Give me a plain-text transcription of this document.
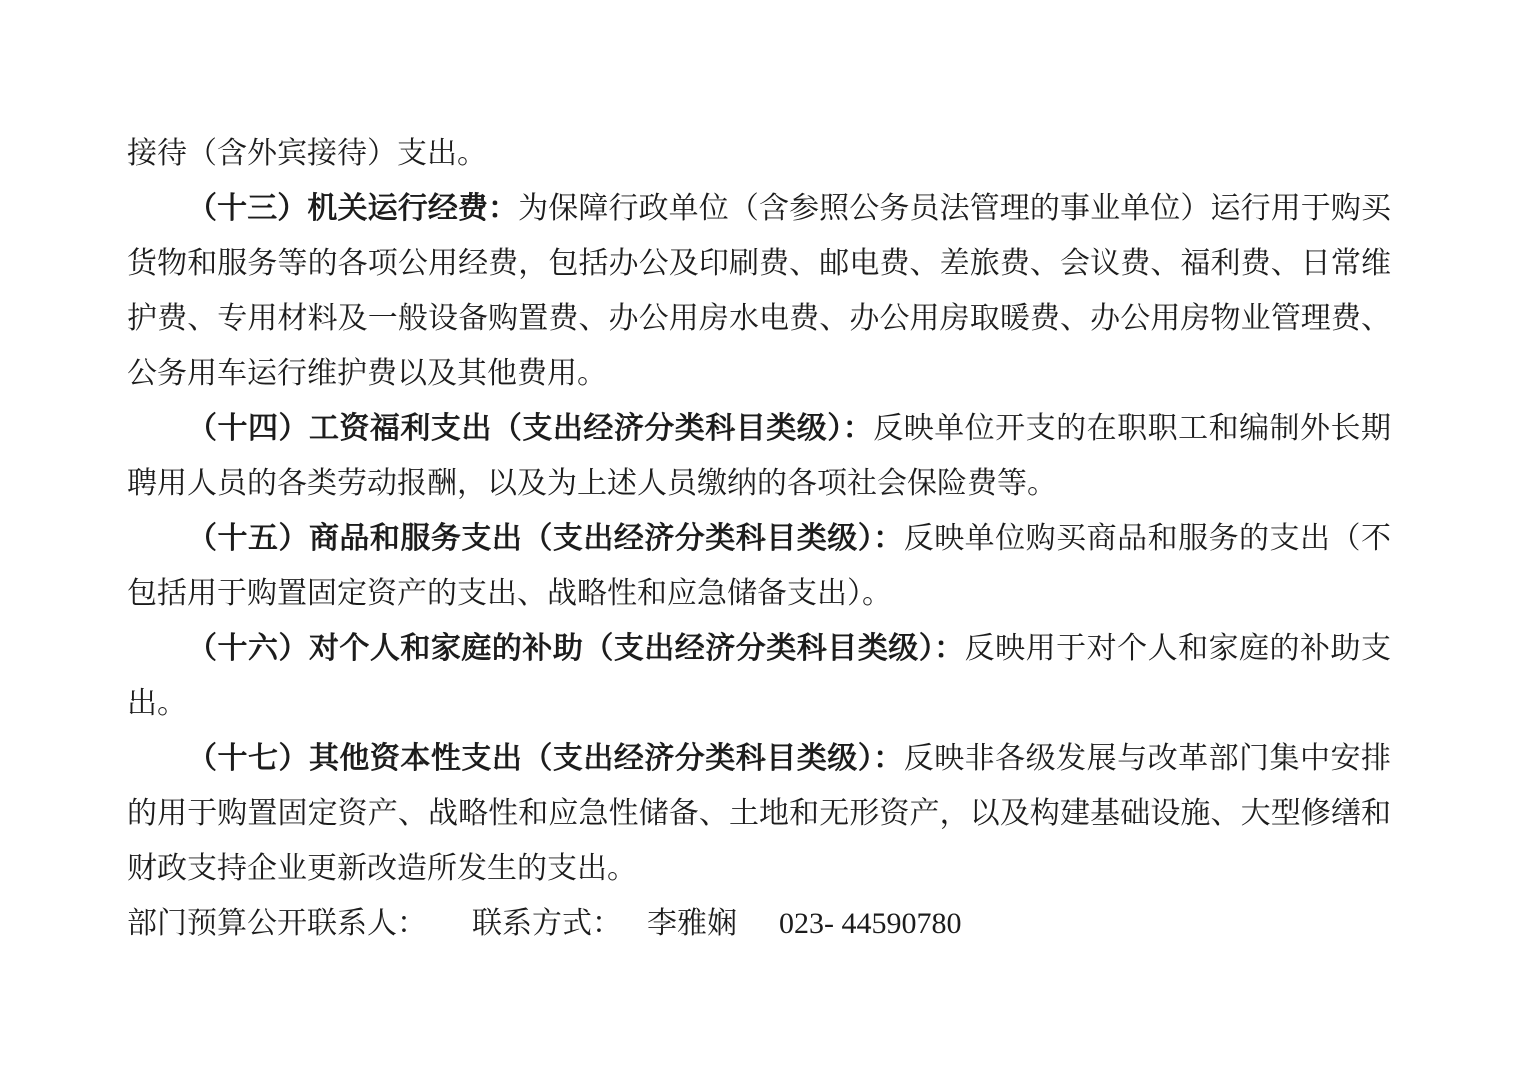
接待（含外宾接待）支出。

（十三）机关运行经费：为保障行政单位（含参照公务员法管理的事业单位）运行用于购买货物和服务等的各项公用经费，包括办公及印刷费、邮电费、差旅费、会议费、福利费、日常维护费、专用材料及一般设备购置费、办公用房水电费、办公用房取暖费、办公用房物业管理费、公务用车运行维护费以及其他费用。

（十四）工资福利支出（支出经济分类科目类级）：反映单位开支的在职职工和编制外长期聘用人员的各类劳动报酬，以及为上述人员缴纳的各项社会保险费等。

（十五）商品和服务支出（支出经济分类科目类级）：反映单位购买商品和服务的支出（不包括用于购置固定资产的支出、战略性和应急储备支出）。

（十六）对个人和家庭的补助（支出经济分类科目类级）：反映用于对个人和家庭的补助支出。

（十七）其他资本性支出（支出经济分类科目类级）：反映非各级发展与改革部门集中安排的用于购置固定资产、战略性和应急性储备、土地和无形资产，以及构建基础设施、大型修缮和财政支持企业更新改造所发生的支出。

部门预算公开联系人： 联系方式： 李雅娴 023- 44590780
